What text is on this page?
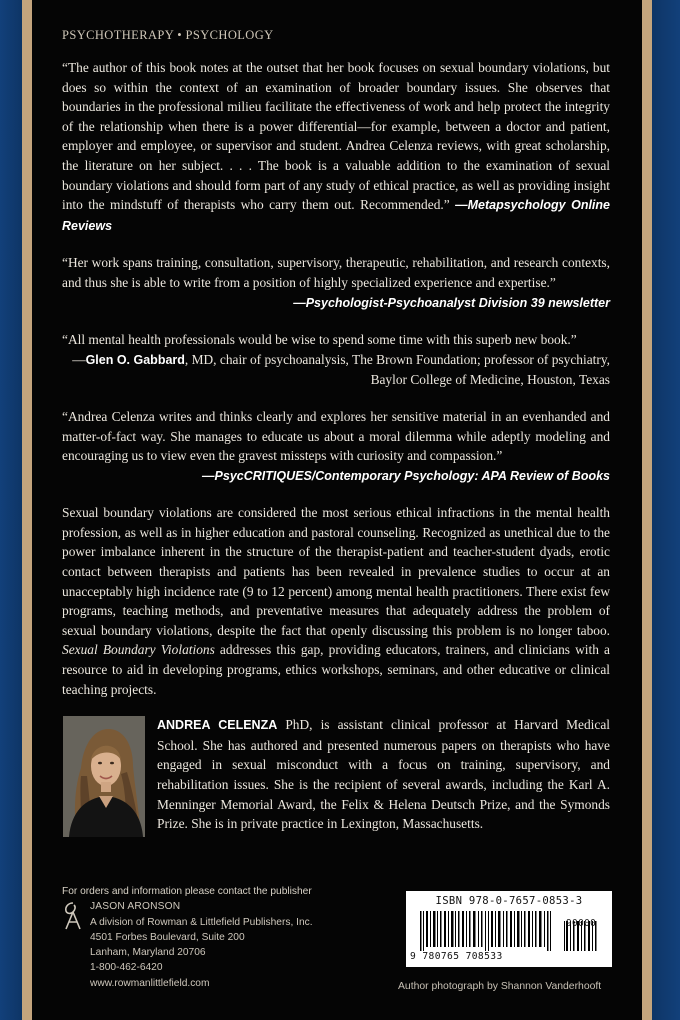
PSYCHOTHERAPY • PSYCHOLOGY

“The author of this book notes at the outset that her book focuses on sexual boundary violations, but does so within the context of an examination of broader boundary issues. She observes that boundaries in the professional milieu facilitate the effectiveness of work and help protect the integrity of the relationship when there is a power differential—for example, between a doctor and patient, employer and employee, or supervisor and student. Andrea Celenza reviews, with great scholarship, the literature on her subject. . . . The book is a valuable addition to the examination of sexual boundary violations and should form part of any study of ethical practice, as well as providing insight into the mindstuff of therapists who carry them out. Recommended.” —Metapsychology Online Reviews

“Her work spans training, consultation, supervisory, therapeutic, rehabilitation, and research contexts, and thus she is able to write from a position of highly specialized experience and expertise.”
—Psychologist-Psychoanalyst Division 39 newsletter

“All mental health professionals would be wise to spend some time with this superb new book.”
—Glen O. Gabbard, MD, chair of psychoanalysis, The Brown Foundation; professor of psychiatry,
Baylor College of Medicine, Houston, Texas

“Andrea Celenza writes and thinks clearly and explores her sensitive material in an evenhanded and matter-of-fact way. She manages to educate us about a moral dilemma while adeptly modeling and encouraging us to view even the gravest missteps with curiosity and compassion.”
—PsycCRITIQUES/Contemporary Psychology: APA Review of Books

Sexual boundary violations are considered the most serious ethical infractions in the mental health profession, as well as in higher education and pastoral counseling. Recognized as unethical due to the power imbalance inherent in the structure of the therapist-patient and teacher-student dyads, erotic contact between therapists and patients has been revealed in prevalence studies to occur at an unacceptably high incidence rate (9 to 12 percent) among mental health practitioners. There exist few programs, teaching methods, and preventative measures that adequately address the problem of sexual boundary violations, despite the fact that openly discussing this problem is no longer taboo. Sexual Boundary Violations addresses this gap, providing educators, trainers, and clinicians with a resource to aid in developing programs, ethics workshops, seminars, and other educative or clinical teaching projects.

ANDREA CELENZA PhD, is assistant clinical professor at Harvard Medical School. She has authored and presented numerous papers on therapists who have engaged in sexual misconduct with a focus on training, supervisory, and rehabilitation issues. She is the recipient of several awards, including the Karl A. Menninger Memorial Award, the Felix & Helena Deutsch Prize, and the Symonds Prize. She is in private practice in Lexington, Massachusetts.
For orders and information please contact the publisher
JASON ARONSON
A division of Rowman & Littlefield Publishers, Inc.
4501 Forbes Boulevard, Suite 200
Lanham, Maryland 20706
1-800-462-6420
www.rowmanlittlefield.com
ISBN 978-0-7657-0853-3
90000
9 780765 708533
Author photograph by Shannon Vanderhooft
